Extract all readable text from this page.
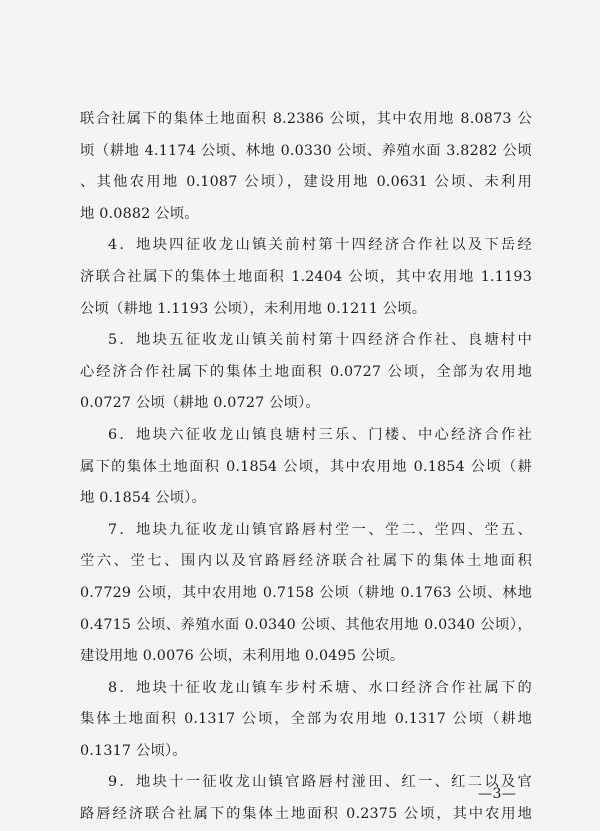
联合社属下的集体土地面积 8.2386 公顷，其中农用地 8.0873 公
顷（耕地 4.1174 公顷、林地 0.0330 公顷、养殖水面 3.8282 公顷
、其他农用地 0.1087 公顷），建设用地 0.0631 公顷、未利用
地 0.0882 公顷。
4．地块四征收龙山镇关前村第十四经济合作社以及下岳经
济联合社属下的集体土地面积 1.2404 公顷，其中农用地 1.1193
公顷（耕地 1.1193 公顷），未利用地 0.1211 公顷。
5．地块五征收龙山镇关前村第十四经济合作社、良塘村中
心经济合作社属下的集体土地面积 0.0727 公顷，全部为农用地
0.0727 公顷（耕地 0.0727 公顷）。
6．地块六征收龙山镇良塘村三乐、门楼、中心经济合作社
属下的集体土地面积 0.1854 公顷，其中农用地 0.1854 公顷（耕
地 0.1854 公顷）。
7．地块九征收龙山镇官路唇村坣一、坣二、坣四、坣五、
坣六、坣七、围内以及官路唇经济联合社属下的集体土地面积
0.7729 公顷，其中农用地 0.7158 公顷（耕地 0.1763 公顷、林地
0.4715 公顷、养殖水面 0.0340 公顷、其他农用地 0.0340 公顷），
建设用地 0.0076 公顷，未利用地 0.0495 公顷。
8．地块十征收龙山镇车步村禾塘、水口经济合作社属下的
集体土地面积 0.1317 公顷，全部为农用地 0.1317 公顷（耕地
0.1317 公顷）。
9．地块十一征收龙山镇官路唇村湴田、红一、红二以及官
路唇经济联合社属下的集体土地面积 0.2375 公顷，其中农用地
—3—
